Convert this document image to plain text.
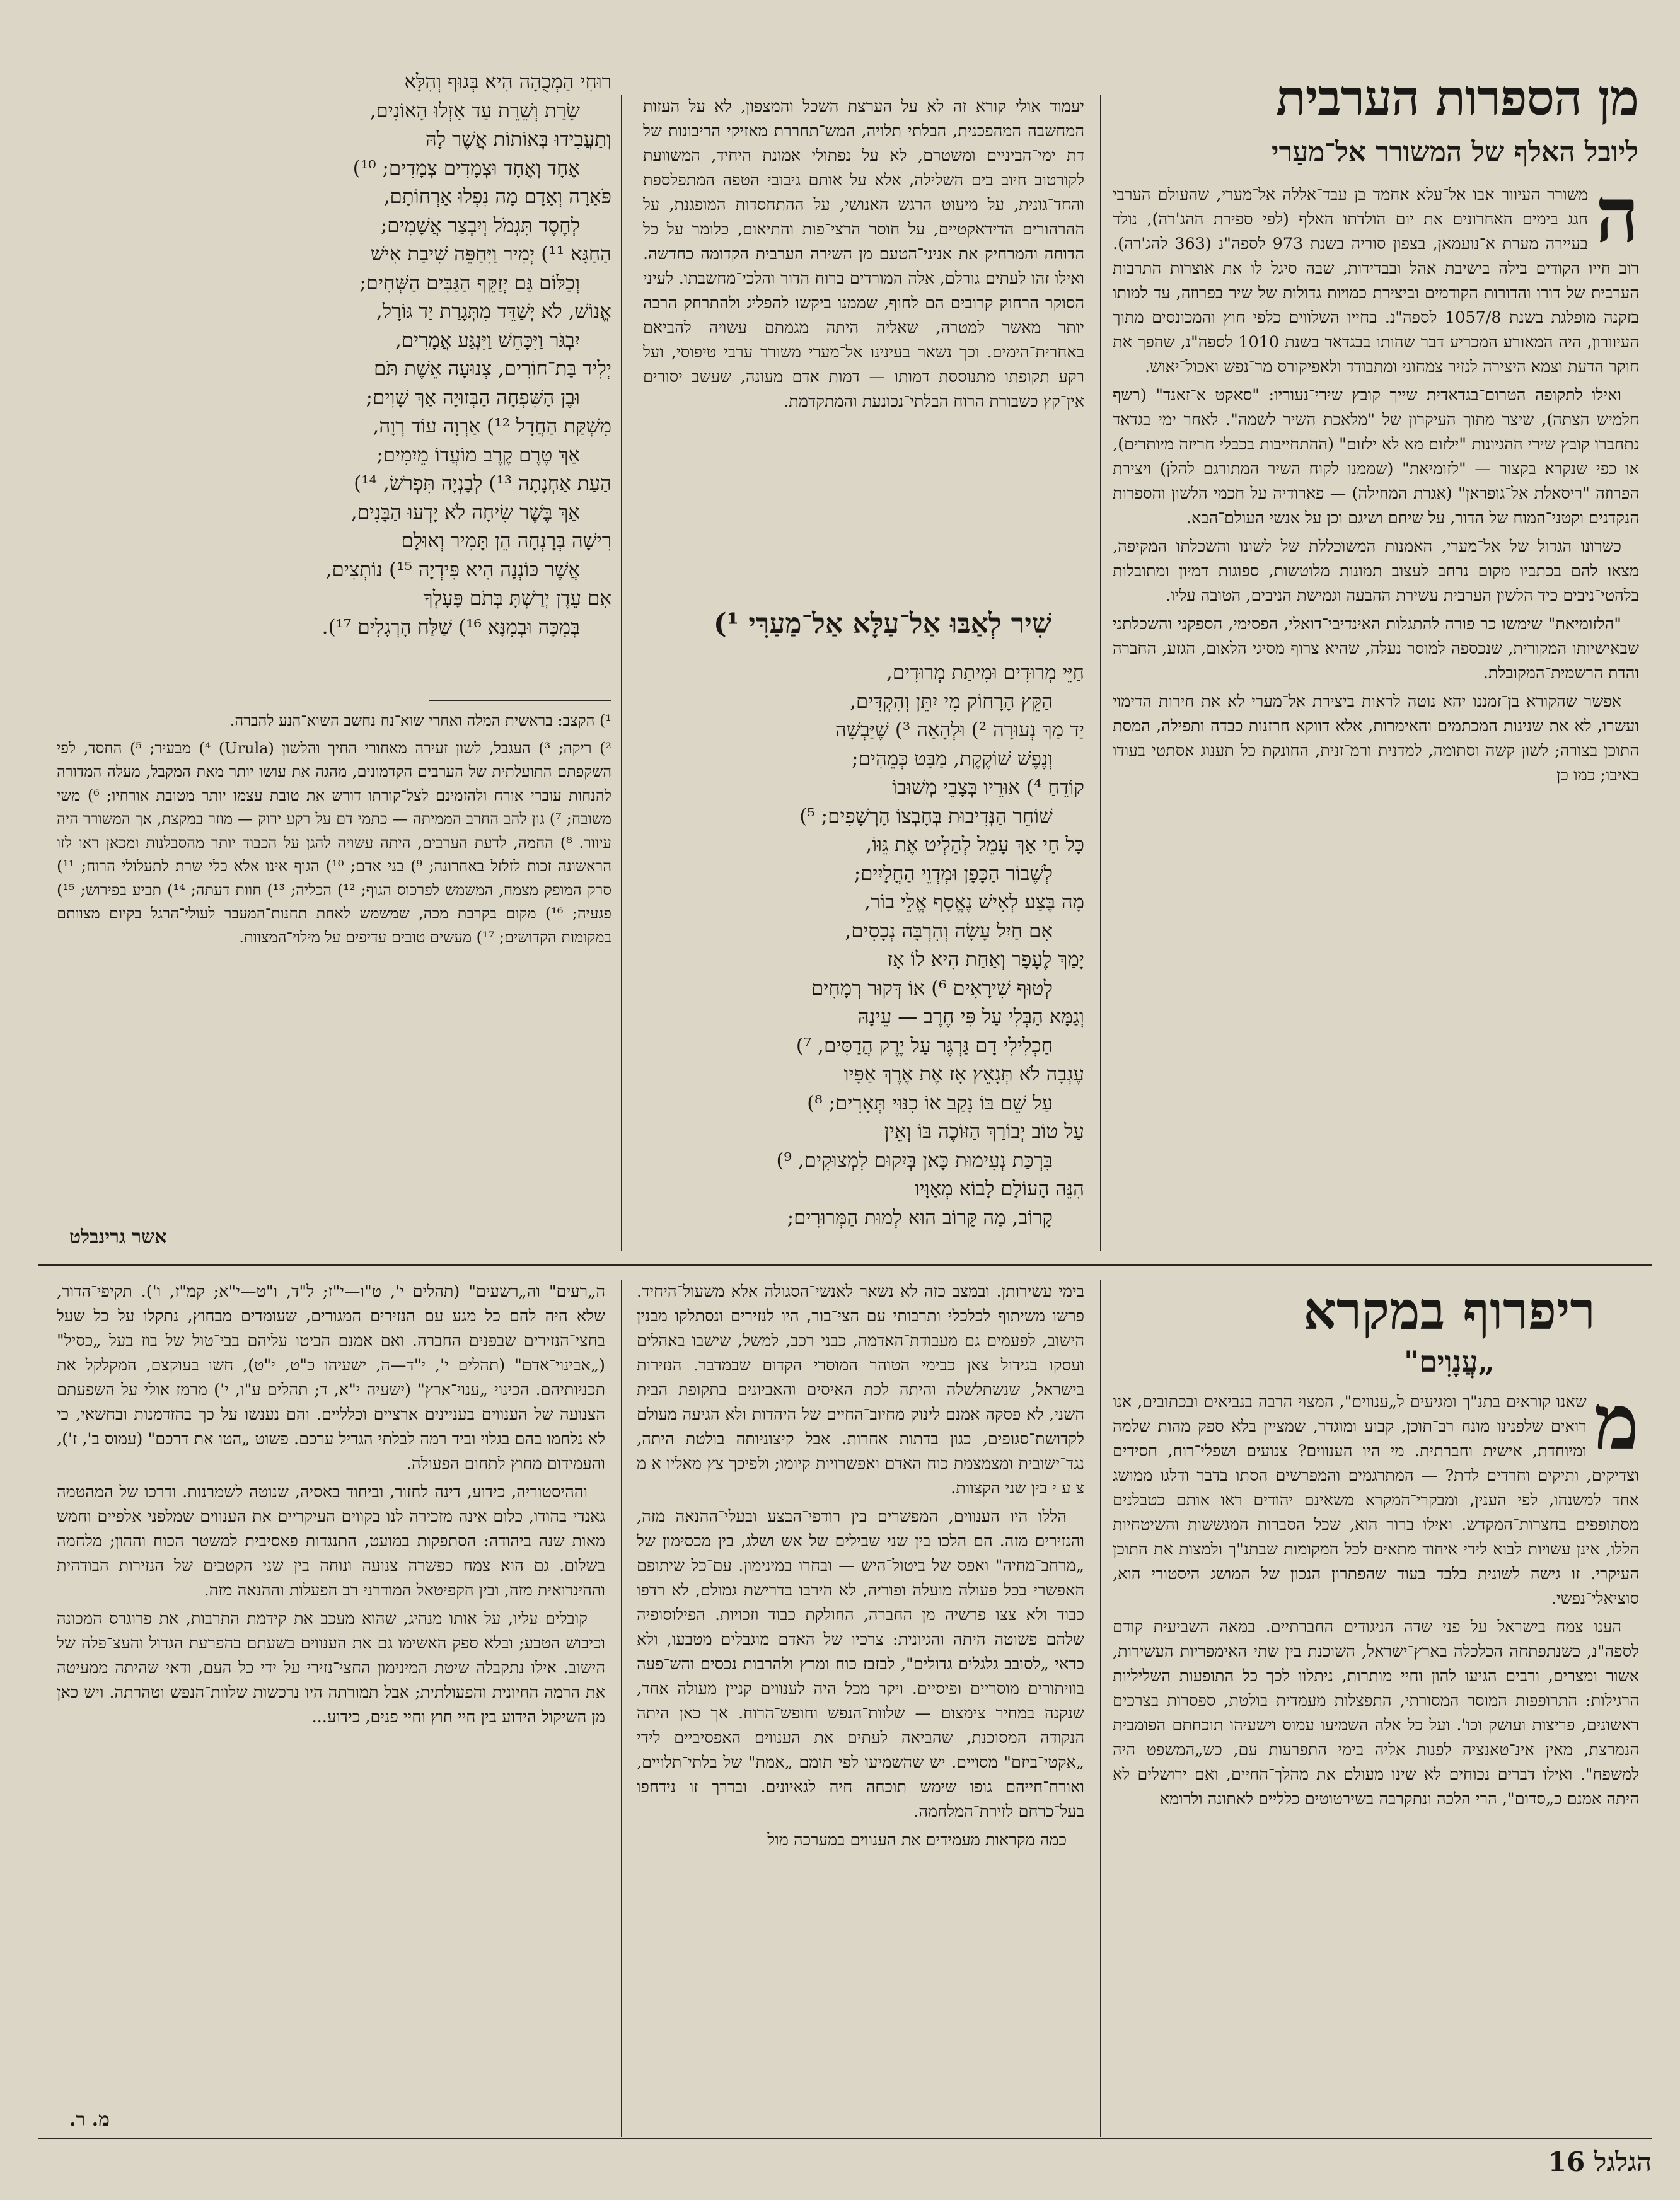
מן הספרות הערבית
ליובל האלף של המשורר אל־מעַרי
ה

משורר העיוור אבו אל־עלא אחמד בן עבד־אללה אל־מערי, שהעולם הערבי חגג בימים האחרונים את יום הולדתו האלף (לפי ספירת ההג'רה), נולד בעיירה מערת א־נועמאן, בצפון סוריה בשנת 973 לספה"נ (363 להג'רה). רוב חייו הקודים בילה בישיבת אהל ובבדידות, שבה סיגל לו את אוצרות התרבות הערבית של דורו והדורות הקודמים וביצירת כמויות גדולות של שיר בפרוזה, עד למותו בזקנה מופלגת בשנת 1057/8 לספה"נ. בחייו השלווים כלפי חוץ והמכונסים מתוך העיוורון, היה המאורע המכריע דבר שהותו בבגדאד בשנת 1010 לספה"נ, שהפך את חוקר הדעת וצמא היצירה לנזיר צמחוני ומתבודד ולאפיקורס מר־נפש ואכול־יאוש.

ואילו לתקופה הטרום־בגדאדית שייך קובץ שירי־נעוריו: "סאקט א־זאנד" (רשף חלמיש הצתה), שיצר מתוך העיקרון של "מלאכת השיר לשמה". לאחר ימי בגדאד נתחברו קובץ שירי ההגיונות "ילזום מא לא ילזום" (ההתחייבות בכבלי חריזה מיותרים), או כפי שנקרא בקצור — "לזומיאת" (שממנו לקוח השיר המתורגם להלן) ויצירת הפרוזה "ריסאלת אל־גופראן" (אגרת המחילה) — פארודיה על חכמי הלשון והספרות הנקדנים וקטני־המוח של הדור, על שיחם ושיגם וכן על אנשי העולם־הבא.

כשרונו הגדול של אל־מערי, האמנות המשוכללת של לשונו והשכלתו המקיפה, מצאו להם בכתביו מקום נרחב לעצוב תמונות מלוטשות, ספוגות דמיון ומתובלות בלהטי־ניבים כיד הלשון הערבית עשירת ההבעה וגמישת הניבים, הטובה עליו.

"הלזומיאת" שימשו כר פורה להתגלות האינדיבי־דואלי, הפסימי, הספקני והשכלתני שבאישיותו המקורית, שנכספה למוסר נעלה, שהיא צרוף מסיגי הלאום, הגזע, החברה והדת הרשמית־המקובלת.

אפשר שהקורא בן־זמננו יהא נוטה לראות ביצירת אל־מערי לא את חירות הדימוי ועשרו, לא את שנינות המכתמים והאימרות, אלא דווקא חרזנות כבדה ותפילה, המסת התוכן בצורה; לשון קשה וסתומה, למדנית ורמ־זנית, החונקת כל תענוג אסתטי בעודו באיבו; כמו כן

יעמוד אולי קורא זה לא על הערצת השכל והמצפון, לא על העזות המחשבה המהפכנית, הבלתי תלויה, המש־תחררת מאזיקי הריבונות של דת ימי־הביניים ומשטרם, לא על נפתולי אמונת היחיד, המשוועת לקורטוב חיוב בים השלילה, אלא על אותם גיבובי הטפה המתפלספת והחד־גונית, על מיעוט הרגש האנושי, על ההתחסדות המופגנת, על ההרהורים הדידאקטיים, על חוסר הרצי־פות והתיאום, כלומר על כל הדוחה והמרחיק את אניני־הטעם מן השירה הערבית הקדומה כחדשה. ואילו זהו לעתים גורלם, אלה המורדים ברוח הדור והלכי־מחשבתו. לעיני הסוקר הרחוק קרובים הם לחוף, שממנו ביקשו להפליג ולהתרחק הרבה יותר מאשר למטרה, שאליה היתה מגמתם עשויה להביאם באחרית־הימים. וכך נשאר בעינינו אל־מערי משורר ערבי טיפוסי, ועל רקע תקופתו מתנוססת דמותו — דמות אדם מעונה, שעשב יסורים אין־קץ כשבורת הרוח הבלתי־נכונעת והמתקדמת.

שִׁיר לְאַבּוּ אַל־עַלָּא אַל־מַעַרִּי ¹)
חַיֵּי מְרוּדִים וּמִיתַת מְרוּדִים,
הַקֵּץ הָרָחוֹק מִי יִתֵּן וְהִקְדִּים,
יַד מַךְ נְעוּרָה ²) וּלְהָאָה ³) שֶׁיַּבְשָׁה
וְנֶפֶשׁ שׁוֹקֶקֶת, מַבָּט כְּמֵהִים;
קוֹדֵחַ ⁴) אוּרֵיו בְּצָבֵי מְשׁוּבוֹ
שׁוֹחֵר הַנְּדִיבוּת בְּחָבְצוֹ הָרְשָׁפִים; ⁵)
כָּל חַי אַךְ עָמֵל לְהַלְיט אֶת גֵּוּוֹ,
לְשֶׁבוֹר הַכָּפָן וּמְדְוֵי הַחֳלָיִים;
מָה בֶּצַע לְאִישׁ נֶאֱסָף אֱלֵי בוֹר,
אִם חַיִל עָשָׂה וְהִרְבָּה נְכָסִים,
יָמַךְ לֶעָפָר וְאַחַת הִיא לוֹ אָז
לְטוּף שִׁירָאִים ⁶) אוֹ דְּקוּר רְמָחִים
וְגַמָּא הַבְּלִי עַל פִּי חֶרֶב — עֵינָהּ
חַכְלִילִי דָם גַּרְגֶּר עַל יֶרֶק הֲדַסִּים, ⁷)
עֶגְבָה לֹא תְּגָאֵץ אָז אֶת אֶרֶךְ אַפָּיו
עַל שֵׁם בּוֹ נָקַב אוֹ כִנּוּי תְּאָרִים; ⁸)
עַל טוֹב יְבוֹרַךְ הַזּוֹכֶה בּוֹ וְאֵין
בִּרְכַּת נְעִימוּת כָּאן בְּיִקוּם לִמְצוּקִים, ⁹)
הִנֵּה הָעוֹלָם לָבוֹא מְאַוָּיו
קָרוֹב, מַה קָּרוֹב הוּא לְמוּת הַמְּרוּרִים;
רוּחִי הַמְכֻהָה הִיא בְּגוּף וְהִלָּא
שָׂרַת וְשֵׁרֵת עַד אָזְלוּ הָאוֹנִים,
וְתַעֲבִידוּ בְּאוֹתוֹת אֲשֶׁר לָהּ
אֶחָד וְאֶחָד וּצְמָדִים צְמָדִים; ¹⁰)
פֹּאַרָה וְאָדָם מָה נִפְלוּ אָרְחוֹתָם,
לְחֶסֶד תִּגְמֹל וְיִבְצַר אֲשָׁמִים;
הַחַגָּא ¹¹) יְמִיר וַיִּחַפֵּה שִׁיבַת אִישׁ
וְכַלּוֹם גַּם יְזַקֵּף הַגַּבִּים הַשְּׁחִים;
אֱנוֹשׁ, לֹא יְשַׁדֵּד מִתְּגָרַת יַד גּוֹרָל,
יִבְגֹּר וַיִּכָּחֵשׁ וַיִּנְגַּע אֲמָרִים,
יְלִיד בַּת־חוֹרִים, צְנוּעָה אֵשֶׁת תֹּם
וּבֶן הַשִּׁפְחָה הַבְּזוּיָה אַךְ שָׁוִים;
מִשְׁקַּת הַחֲדָל ¹²) אַרְוָה עוֹד רְוָה,
אַךְ טֶרֶם קֶרֶב מוֹעֲדוֹ מֵיִמִים;
הַעַת אַחְנָתָה ¹³) לְבָנְיָה תִּפְרֹשׂ, ¹⁴)
אַךְ בֶּשֶׁר שִׂיחָה לֹא יָדְעוּ הַבָּנִים,
רִישָׁה בְּרָנְחָה הֵן תָּמִיר וְאוּלָם
אֲשֶׁר כּוֹנְנָה הִיא פִּידְיָה ¹⁵) נוֹתְצִים,
אִם עֵדֶן יְרַשְׁתָּ בְּתֹם פָּעָלְךָ
בְּמִכָּה וּבְמִנָּא ¹⁶) שַׁלַּח הָרְגָלִים ¹⁷).

¹) הקצב: בראשית המלה ואחרי שוא־נח נחשב השוא־הנע להברה.

²) ריקה; ³) העגבל, לשון זעירה מאחורי החיך והלשון (Urula) ⁴) מבעיר; ⁵) החסד, לפי השקפתם התועלתית של הערבים הקדמונים, מהגה את עושו יותר מאת המקבל, מעלה המדורה להנחות עוברי אורח ולהזמינם לצל־קורתו דורש את טובת עצמו יותר מטובת אורחיו; ⁶) משי משובח; ⁷) גון להב החרב הממיתה — כתמי דם על רקע ירוק — מוזר במקצת, אך המשורר היה עיוור. ⁸) החמה, לדעת הערבים, היתה עשויה להגן על הכבוד יותר מהסבלנות ומכאן ראו לזו הראשונה זכות לזלזל באחרונה; ⁹) בני אדם; ¹⁰) הגוף אינו אלא כלי שרת לתעלולי הרוח; ¹¹) סרק המופק מצמח, המשמש לפרכוס הגוף; ¹²) הכליה; ¹³) חוות דעתה; ¹⁴) תביע בפירוש; ¹⁵) פגעיה; ¹⁶) מקום בקרבת מכה, שמשמש לאחת תחנות־המעבר לעולי־הרגל בקיום מצוותם במקומות הקדושים; ¹⁷) מעשים טובים עדיפים על מילוי־המצוות.

אשר גרינבלט
ריפרוף במקרא
„עֲנָוִים"
מ

שאנו קוראים בתנ"ך ומגיעים ל„ענווים", המצוי הרבה בנביאים ובכתובים, אנו רואים שלפנינו מונח רב־תוכן, קבוע ומוגדר, שמציין בלא ספק מהות שלמה ומיוחדת, אישית וחברתית. מי היו הענווים? צנועים ושפלי־רוח, חסידים וצדיקים, ותיקים וחרדים לדת? — המתרגמים והמפרשים הסתו בדבר ודלגו ממושג אחד למשנהו, לפי הענין, ומבקרי־המקרא משאינם יהודים ראו אותם כטבלנים מסתופפים בחצרות־המקדש. ואילו ברור הוא, שכל הסברות המגששות והשיטחיות הללו, אינן עשויות לבוא לידי איחוד מתאים לכל המקומות שבתנ"ך ולמצות את התוכן העיקרי. זו גישה לשונית בלבד בעוד שהפתרון הנכון של המושג היסטורי הוא, סוציאלי־נפשי.

הענו צמח בישראל על פני שדה הניגודים החברתיים. במאה השביעית קודם לספה"נ, כשנתפתחה הכלכלה בארץ־ישראל, השוכנת בין שתי האימפריות העשירות, אשור ומצרים, ורבים הגיעו להון וחיי מותרות, ניתלוו לכך כל התופעות השליליות הרגילות: התרופפות המוסר המסורתי, התפצלות מעמדית בולטת, ספסרות בצרכים ראשונים, פריצות ועושק וכו'. ועל כל אלה השמיעו עמוס וישעיהו תוכחתם הפומבית הנמרצת, מאין אינ־טאנציה לפנות אליה בימי התפרעות עם, כש„המשפט היה למשפח". ואילו דברים נכוחים לא שינו מעולם את מהלך־החיים, ואם ירושלים לא היתה אמנם כ„סדום", הרי הלכה ונתקרבה בשירטוטים כלליים לאתונה ולרומא

בימי עשירותן. ובמצב כזה לא נשאר לאנשי־הסגולה אלא משעול־היחיד. פרשו משיתוף לכלכלי ותרבותי עם הצי־בור, היו לנזירים ונסתלקו מבנין הישוב, לפעמים גם מעבודת־האדמה, כבני רכב, למשל, שישבו באהלים ועסקו בגידול צאן כבימי הטוהר המוסרי הקדום שבמדבר. הנזירות בישראל, שנשתלשלה והיתה לכת האיסים והאביונים בתקופת הבית השני, לא פסקה אמנם לינוק מחיוב־החיים של היהדות ולא הגיעה מעולם לקדושת־סגופים, כגון בדתות אחרות. אבל קיצוניותה בולטת היתה, נגד־ישובית ומצמצמת כוח האדם ואפשרויות קיומו; ולפיכך צץ מאליו א מ צ ע י בין שני הקצוות.

הללו היו הענווים, המפשרים בין רודפי־הבצע ובעלי־ההנאה מזה, והנזירים מזה. הם הלכו בין שני שבילים של אש ושלג, בין מכסימון של „מרחב־מחיה" ואפס של ביטול־היש — ובחרו במינימון. עם־כל שיתופם האפשרי בכל פעולה מועלה ופוריה, לא הירבו בדרישת גמולם, לא רדפו כבוד ולא צצו פרשיה מן החברה, החולקת כבוד וזכויות. הפילוסופיה שלהם פשוטה היתה והגיונית: צרכיו של האדם מוגבלים מטבעו, ולא כדאי „לסובב גלגלים גדולים", לבזבז כוח ומרץ ולהרבות נכסים והש־פעה בוויתורים מוסריים ופיסיים. ויקר מכל היה לענווים קניין מעולה אחד, שנקנה במחיר צימצום — שלוות־הנפש וחופש־הרוח. אך כאן היתה הנקודה המסוכנת, שהביאה לעתים את הענווים האפסיביים לידי „אקטי־ביזם" מסויים. יש שהשמיעו לפי תומם „אמת" של בלתי־תלויים, ואורח־חייהם גופו שימש תוכחה חיה לגאיונים. ובדרך זו נידחפו בעל־כרחם לזירת־המלחמה.

כמה מקראות מעמידים את הענווים במערכה מול

ה„רעים" וה„רשעים" (תהלים י', ט"ו—י"ז; ל"ד, ו"ט—י"א; קמ"ז, ו'). תקיפי־הדור, שלא היה להם כל מגע עם הנזירים המגורים, שעומדים מבחוץ, נתקלו על כל שעל בחצי־הנזירים שבפנים החברה. ואם אמנם הביטו עליהם בבי־טול של בוז בעל „כסיל" („אבינוי־אדם" (תהלים י', י"ד—ה, ישעיהו כ"ט, י"ט), חשו בעוקצם, המקלקל את תכניותיהם. הכינוי „ענוי־ארץ" (ישעיה י"א, ד; תהלים ע"ו, י') מרמז אולי על השפעתם הצנועה של הענווים בעניינים ארציים וכלליים. והם נענשו על כך בהזדמנות ובחשאי, כי לא נלחמו בהם בגלוי וביד רמה לבלתי הגדיל ערכם. פשוט „הטו את דרכם" (עמוס ב', ז'), והעמידום מחוץ לתחום הפעולה.

וההיסטוריה, כידוע, דינה לחזור, וביחוד באסיה, שנוטה לשמרנות. ודרכו של המהטמה גאנדי בהודו, כלום אינה מזכירה לנו בקווים העיקריים את הענווים שמלפני אלפיים וחמש מאות שנה ביהודה: הסתפקות במועט, התנגדות פאסיבית למשטר הכוח וההון; מלחמה בשלום. גם הוא צמח כפשרה צנועה ונוחה בין שני הקטבים של הנזירות הבודהית וההינדואית מזה, ובין הקפיטאל המודרני רב הפעלות וההנאה מזה.

קובלים עליו, על אותו מנהיג, שהוא מעכב את קידמת התרבות, את פרוגרס המכונה וכיבוש הטבע; ובלא ספק האשימו גם את הענווים בשעתם בהפרעת הגדול והעצ־פלה של הישוב. אילו נתקבלה שיטת המינימון החצי־נזירי על ידי כל העם, ודאי שהיתה ממעיטה את הרמה החיונית והפעולתית; אבל תמורתה היו נרכשות שלוות־הנפש וטהרתה. ויש כאן מן השיקול הידוע בין חיי חוץ וחיי פנים, כידוע...

מ. ר.
הגלגל 16
